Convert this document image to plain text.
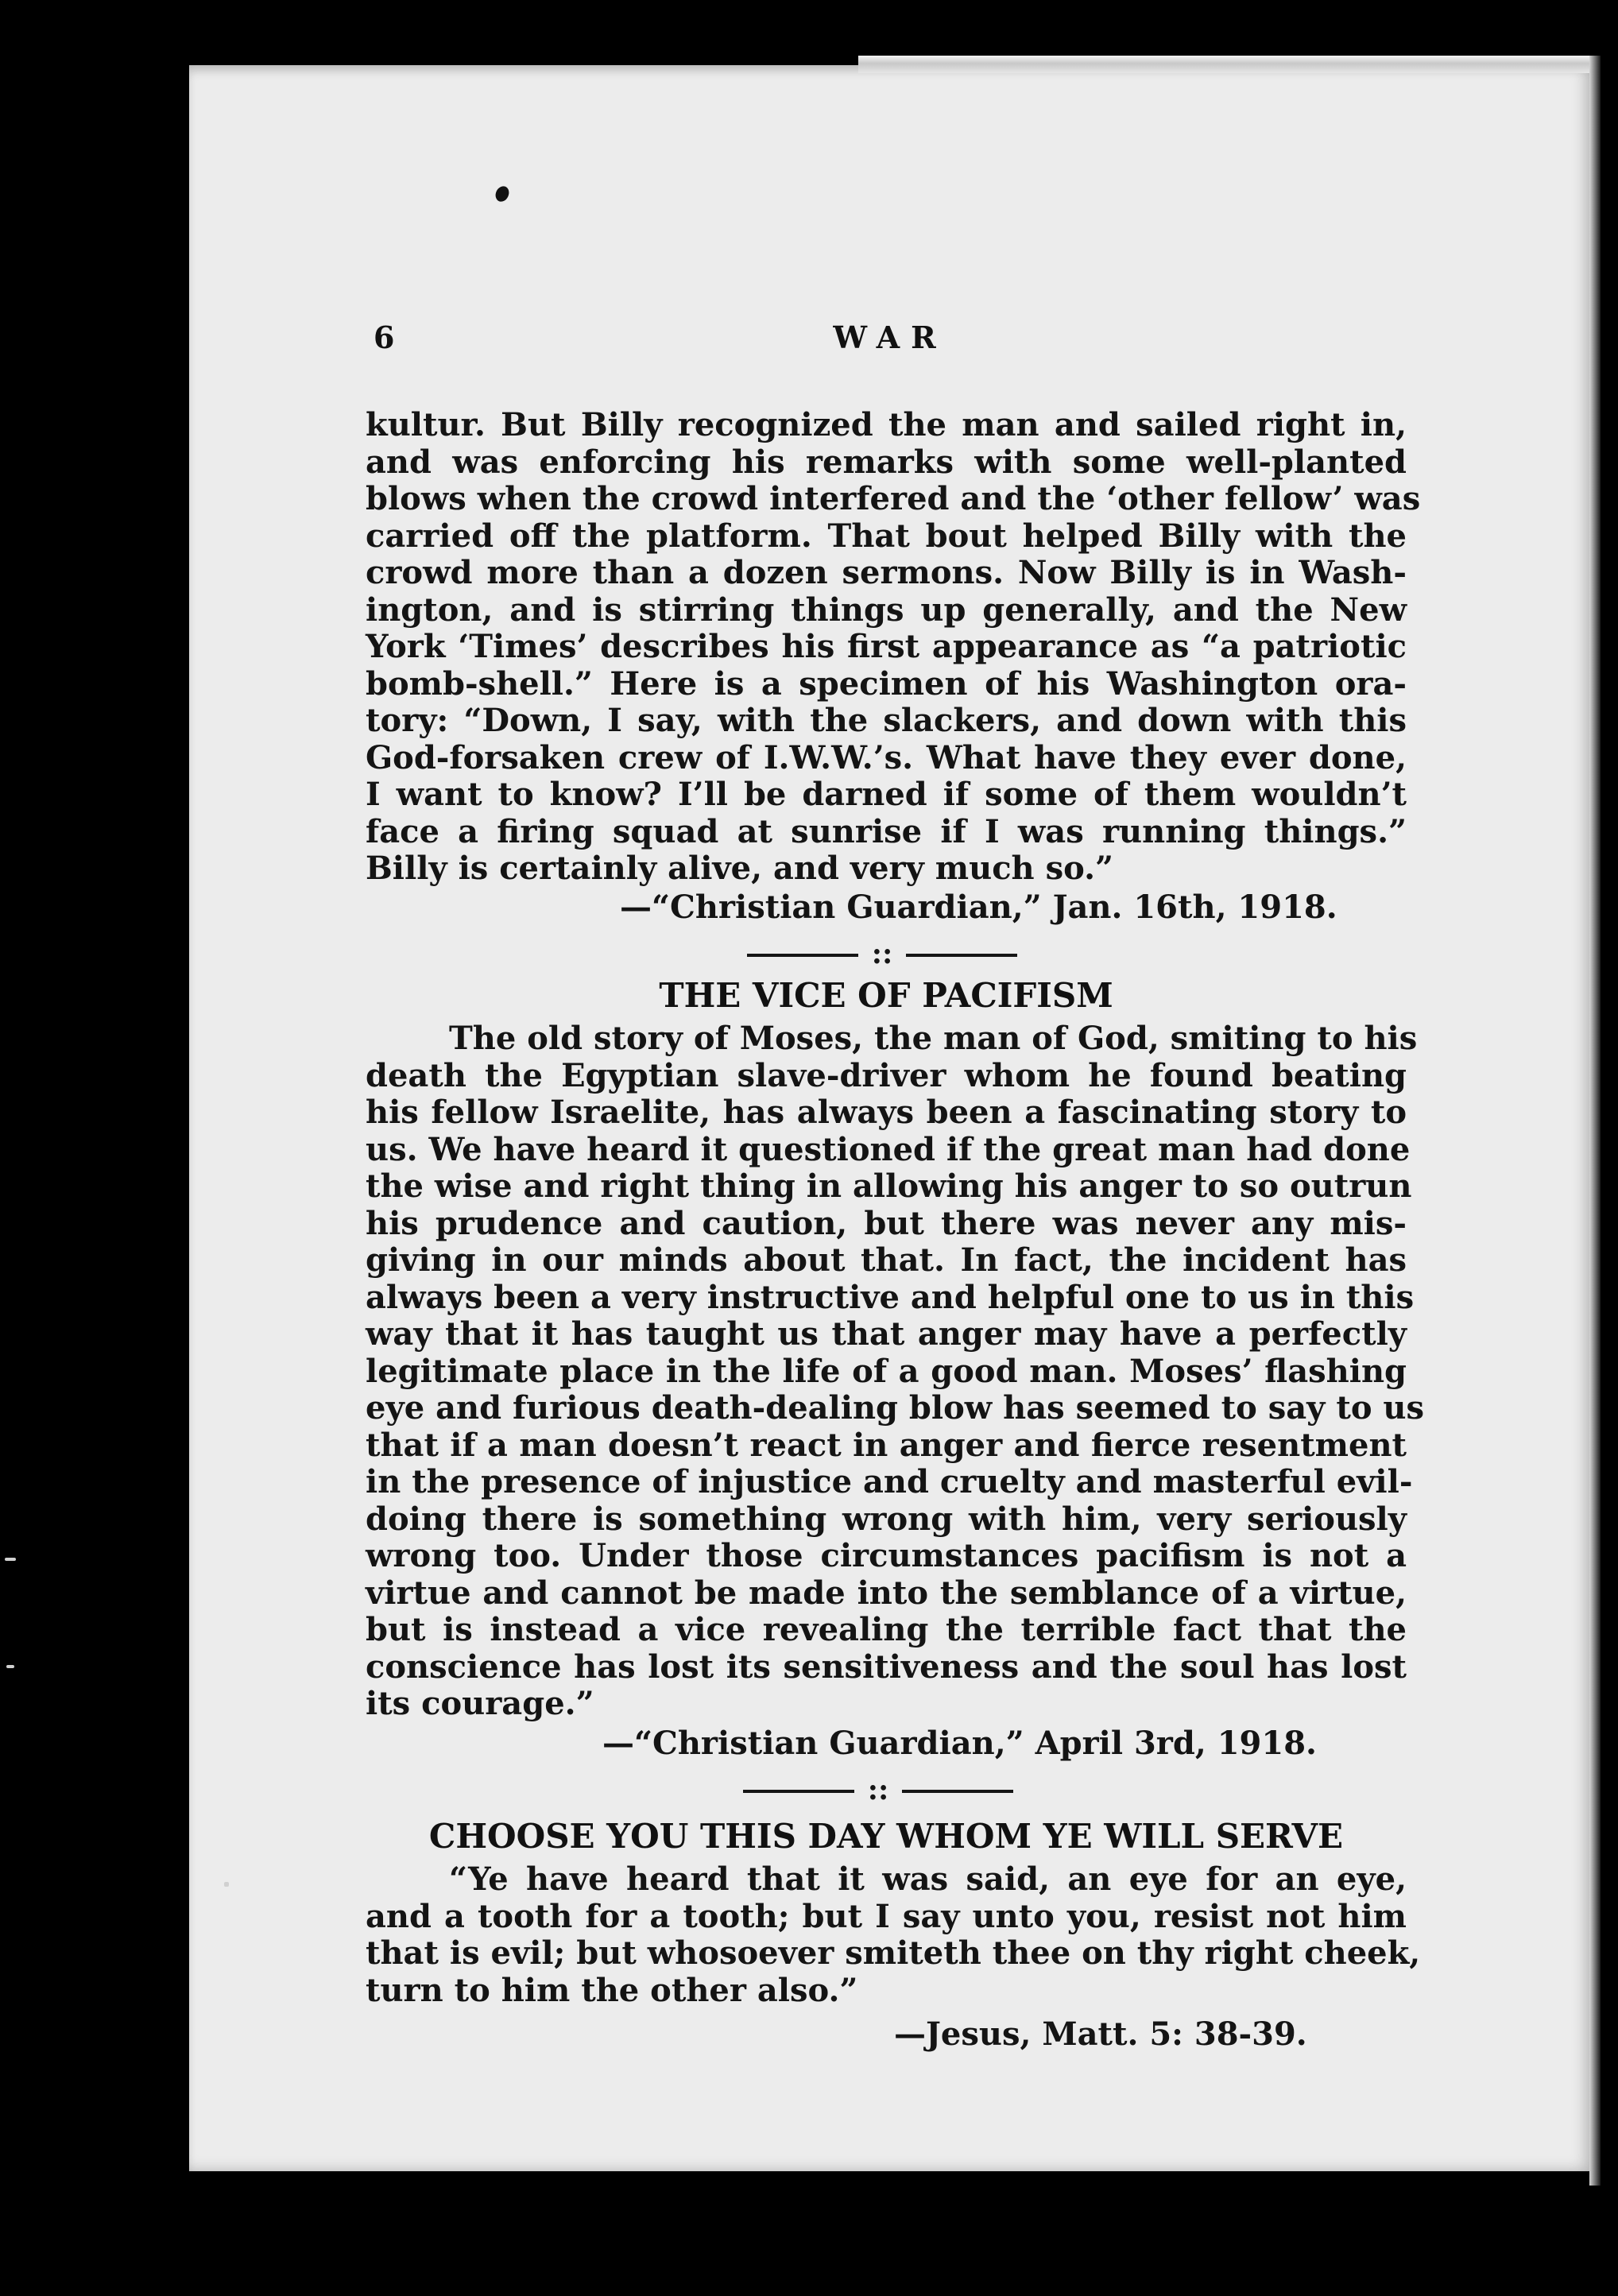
6	WAR
kultur. But Billy recognized the man and sailed right in,
and was enforcing his remarks with some well-planted
blows when the crowd interfered and the ‘other fellow’ was
carried off the platform. That bout helped Billy with the
crowd more than a dozen sermons. Now Billy is in Wash-
ington, and is stirring things up generally, and the New
York ‘Times’ describes his first appearance as “a patriotic
bomb-shell.” Here is a specimen of his Washington ora-
tory: “Down, I say, with the slackers, and down with this
God-forsaken crew of I.W.W.’s. What have they ever done,
I want to know? I’ll be darned if some of them wouldn’t
face a firing squad at sunrise if I was running things.”
Billy is certainly alive, and very much so.”
—“Christian Guardian,” Jan. 16th, 1918.
::
THE VICE OF PACIFISM
The old story of Moses, the man of God, smiting to his
death the Egyptian slave-driver whom he found beating
his fellow Israelite, has always been a fascinating story to
us. We have heard it questioned if the great man had done
the wise and right thing in allowing his anger to so outrun
his prudence and caution, but there was never any mis-
giving in our minds about that. In fact, the incident has
always been a very instructive and helpful one to us in this
way that it has taught us that anger may have a perfectly
legitimate place in the life of a good man. Moses’ flashing
eye and furious death-dealing blow has seemed to say to us
that if a man doesn’t react in anger and fierce resentment
in the presence of injustice and cruelty and masterful evil-
doing there is something wrong with him, very seriously
wrong too. Under those circumstances pacifism is not a
virtue and cannot be made into the semblance of a virtue,
but is instead a vice revealing the terrible fact that the
conscience has lost its sensitiveness and the soul has lost
its courage.”
—“Christian Guardian,” April 3rd, 1918.
::
CHOOSE YOU THIS DAY WHOM YE WILL SERVE
“Ye have heard that it was said, an eye for an eye,
and a tooth for a tooth; but I say unto you, resist not him
that is evil; but whosoever smiteth thee on thy right cheek,
turn to him the other also.”
—Jesus, Matt. 5: 38-39.
